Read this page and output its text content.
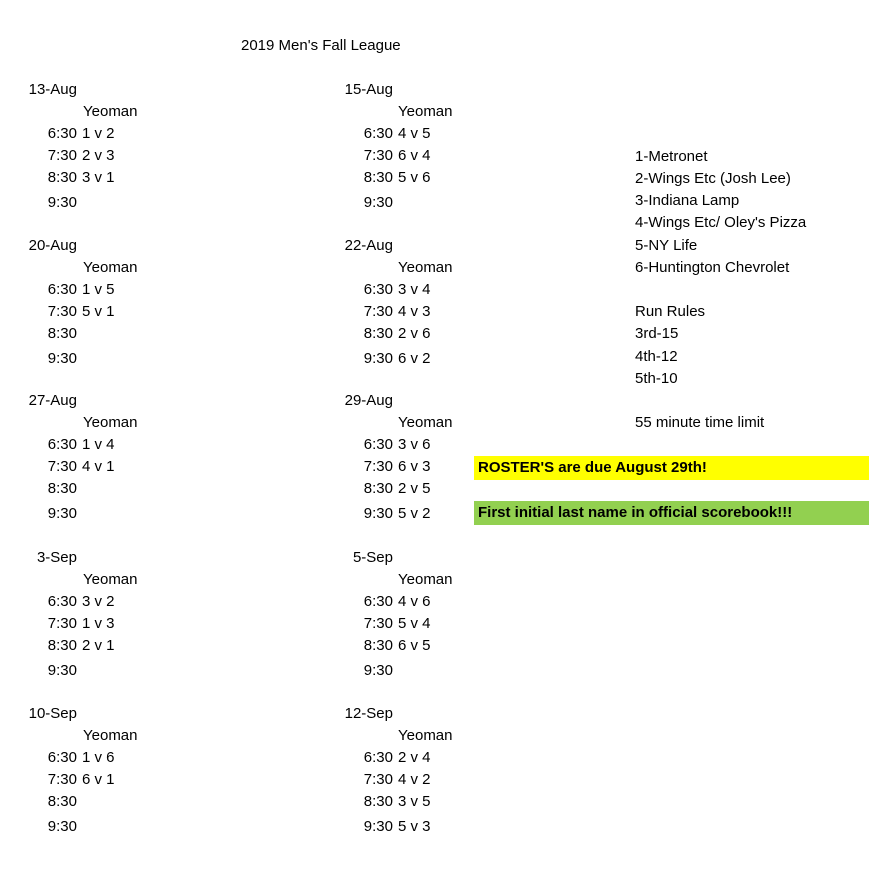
2019 Men's Fall League
13-Aug
Yeoman
6:30 1 v 2
7:30 2 v 3
8:30 3 v 1
9:30
20-Aug
Yeoman
6:30 1 v 5
7:30 5 v 1
8:30
9:30
27-Aug
Yeoman
6:30 1 v 4
7:30 4 v 1
8:30
9:30
3-Sep
Yeoman
6:30 3 v 2
7:30 1 v 3
8:30 2 v 1
9:30
10-Sep
Yeoman
6:30 1 v 6
7:30 6 v 1
8:30
9:30
15-Aug
Yeoman
6:30 4 v 5
7:30 6 v 4
8:30 5 v 6
9:30
22-Aug
Yeoman
6:30 3 v 4
7:30 4 v 3
8:30 2 v 6
9:30 6 v 2
29-Aug
Yeoman
6:30 3 v 6
7:30 6 v 3
8:30 2 v 5
9:30 5 v 2
5-Sep
Yeoman
6:30 4 v 6
7:30 5 v 4
8:30 6 v 5
9:30
12-Sep
Yeoman
6:30 2 v 4
7:30 4 v 2
8:30 3 v 5
9:30 5 v 3
1-Metronet
2-Wings Etc (Josh Lee)
3-Indiana Lamp
4-Wings Etc/ Oley's Pizza
5-NY Life
6-Huntington Chevrolet
Run Rules
3rd-15
4th-12
5th-10
55 minute time limit
ROSTER'S are due August 29th!
First initial last name in official scorebook!!!
